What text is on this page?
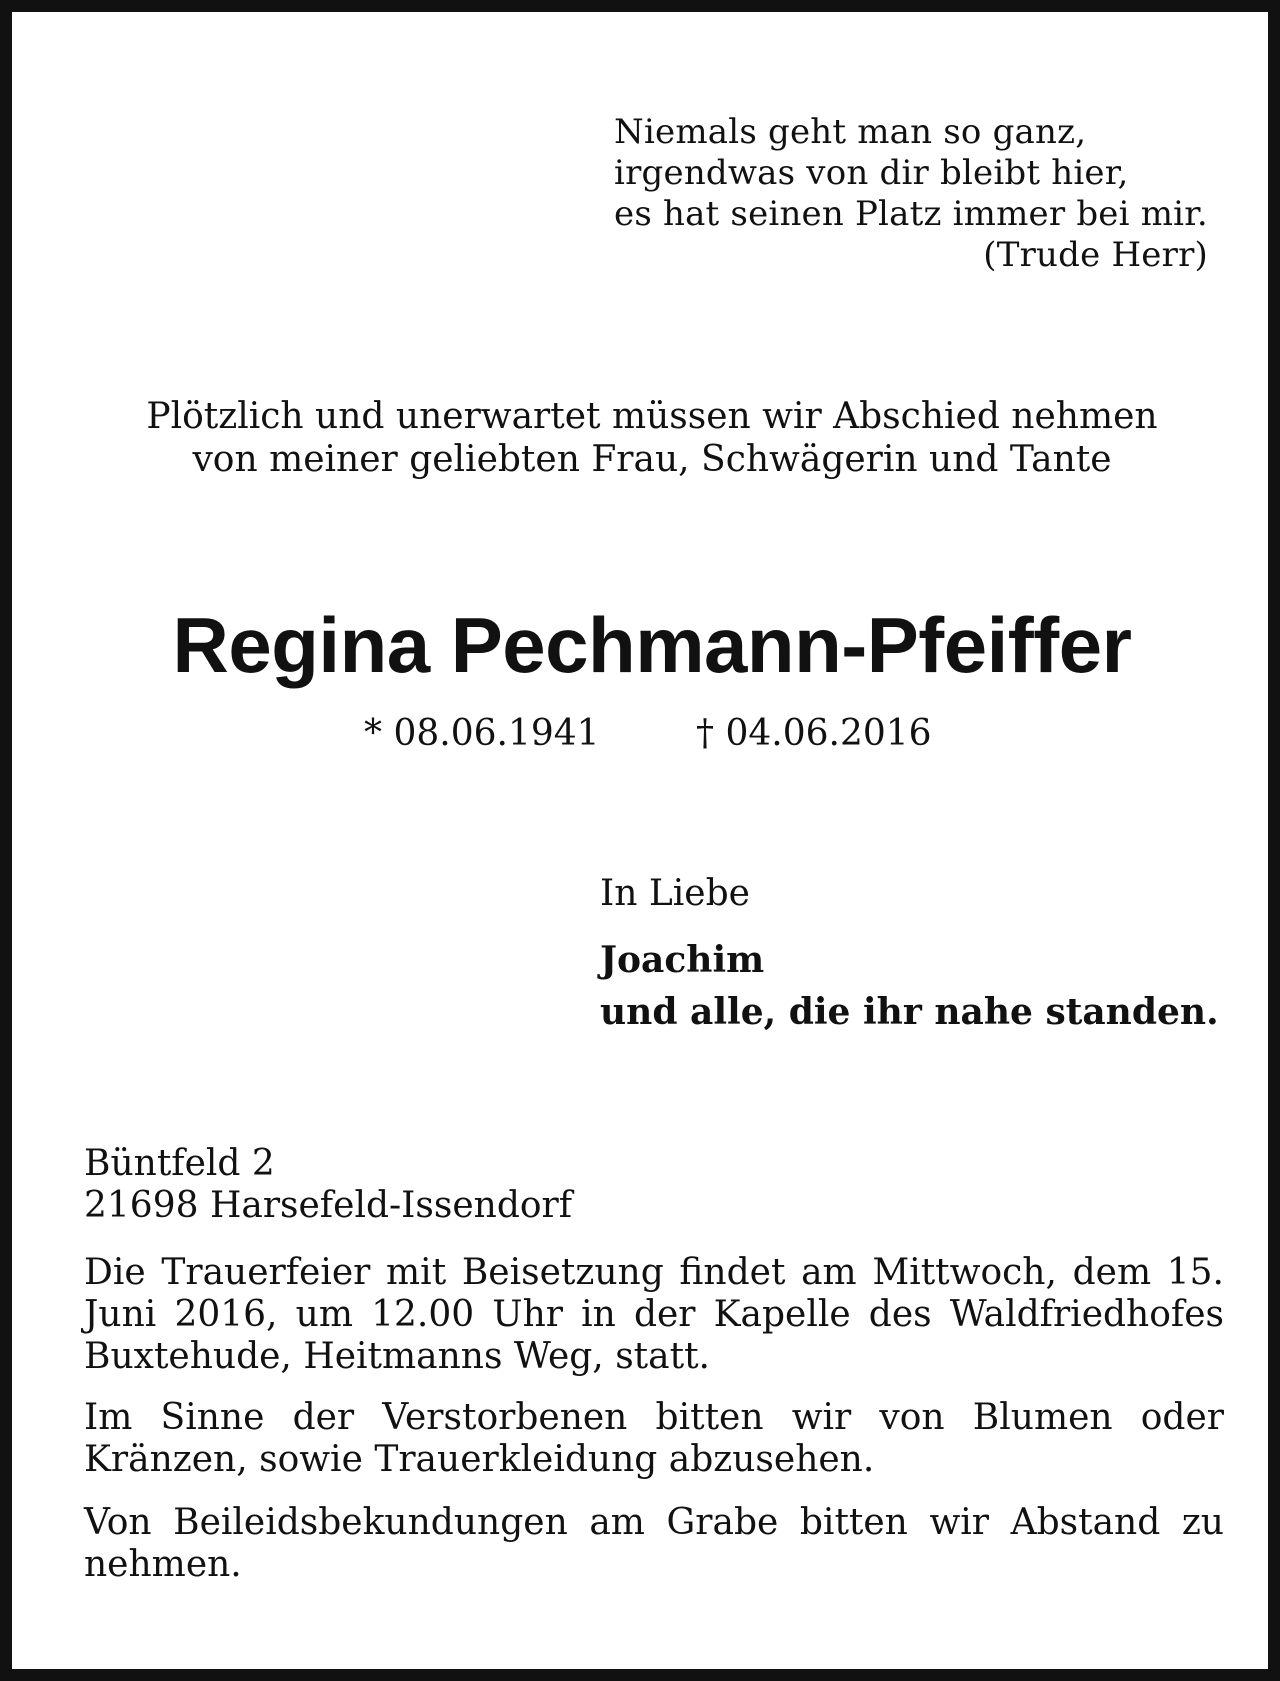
Niemals geht man so ganz,
irgendwas von dir bleibt hier,
es hat seinen Platz immer bei mir.
(Trude Herr)
Plötzlich und unerwartet müssen wir Abschied nehmen
von meiner geliebten Frau, Schwägerin und Tante
Regina Pechmann-Pfeiffer
* 08.06.1941	† 04.06.2016
In Liebe
Joachim
und alle, die ihr nahe standen.
Büntfeld 2
21698 Harsefeld-Issendorf
Die Trauerfeier mit Beisetzung findet am Mittwoch, dem 15. Juni 2016, um 12.00 Uhr in der Kapelle des Waldfriedhofes Buxtehude, Heitmanns Weg, statt.
Im Sinne der Verstorbenen bitten wir von Blumen oder Kränzen, sowie Trauerkleidung abzusehen.
Von Beileidsbekundungen am Grabe bitten wir Abstand zu nehmen.
